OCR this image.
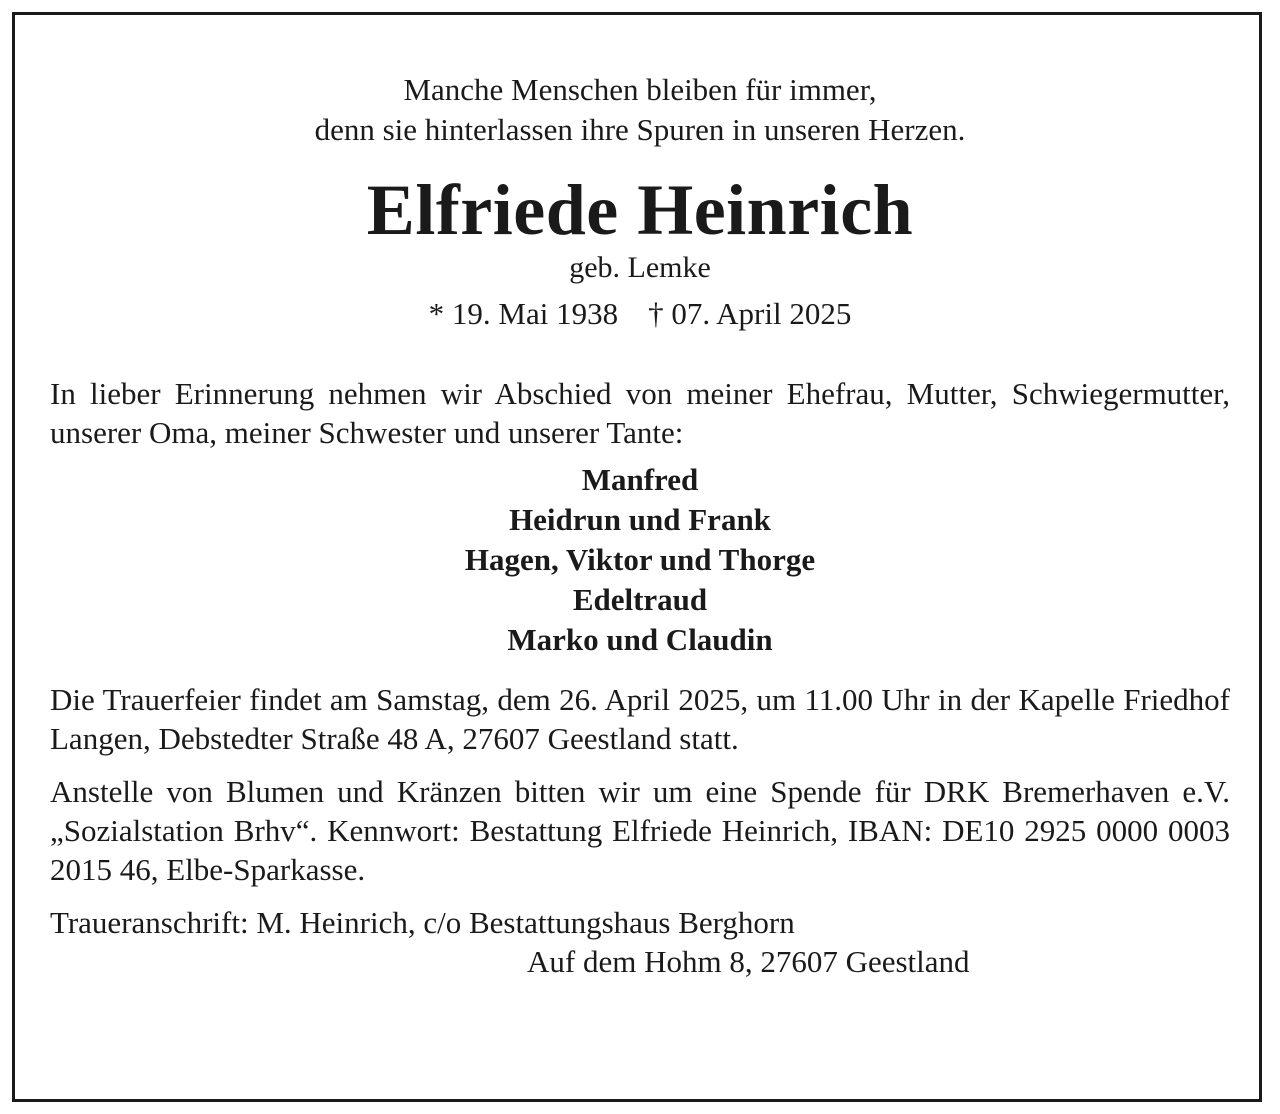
Manche Menschen bleiben für immer,
denn sie hinterlassen ihre Spuren in unseren Herzen.
Elfriede Heinrich
geb. Lemke
* 19. Mai 1938 † 07. April 2025
In lieber Erinnerung nehmen wir Abschied von meiner Ehefrau, Mutter, Schwiegermutter, unserer Oma, meiner Schwester und unserer Tante:
Manfred
Heidrun und Frank
Hagen, Viktor und Thorge
Edeltraud
Marko und Claudin
Die Trauerfeier findet am Samstag, dem 26. April 2025, um 11.00 Uhr in der Kapelle Friedhof Langen, Debstedter Straße 48 A, 27607 Geestland statt.
Anstelle von Blumen und Kränzen bitten wir um eine Spende für DRK Bremerhaven e.V. „Sozialstation Brhv“. Kennwort: Bestattung Elfriede Heinrich, IBAN: DE10 2925 0000 0003 2015 46, Elbe-Sparkasse.
Traueranschrift: M. Heinrich, c/o Bestattungshaus Berghorn
Auf dem Hohm 8, 27607 Geestland
